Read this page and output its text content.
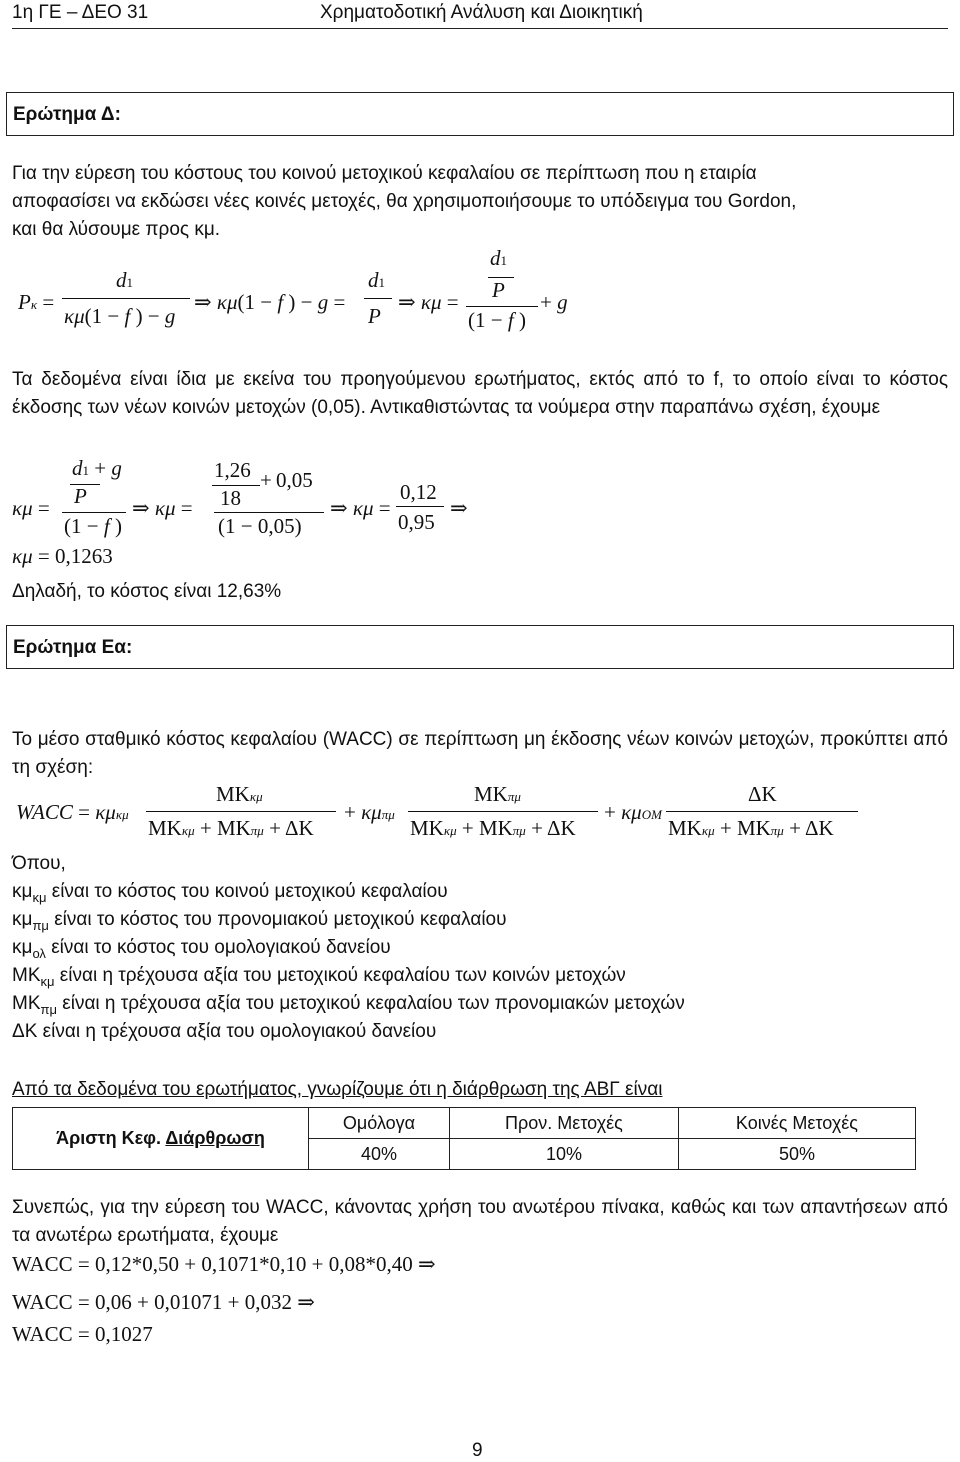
1η ΓΕ – ΔΕΟ 31	Χρηματοδοτική Ανάλυση και Διοικητική
Ερώτημα Δ:
Για την εύρεση του κόστους του κοινού μετοχικού κεφαλαίου σε περίπτωση που η εταιρία
αποφασίσει να εκδώσει νέες κοινές μετοχές, θα χρησιμοποιήσουμε το υπόδειγμα του Gordon,
και θα λύσουμε προς κμ.
Pκ =
d1
κμ(1 − f ) − g
⇒ κμ(1 − f ) − g =
d1
P
⇒ κμ =
d1
P
(1 − f )
+ g
Τα δεδομένα είναι ίδια με εκείνα του προηγούμενου ερωτήματος, εκτός από το f, το οποίο είναι το κόστος έκδοσης των νέων κοινών μετοχών (0,05). Αντικαθιστώντας τα νούμερα στην παραπάνω σχέση, έχουμε
κμ =
d1 + g
P
(1 − f )
⇒ κμ =
1,26 + 0,05
18
(1 − 0,05)
⇒ κμ =
0,12
0,95
⇒
κμ = 0,1263
Δηλαδή, το κόστος είναι 12,63%
Ερώτημα Εα:
Το μέσο σταθμικό κόστος κεφαλαίου (WACC) σε περίπτωση μη έκδοσης νέων κοινών μετοχών, προκύπτει από τη σχέση:
WACC = κμκμ
ΜΚκμ
ΜΚκμ + ΜΚπμ + ΔΚ
+ κμπμ
ΜΚπμ
ΜΚκμ + ΜΚπμ + ΔΚ
+ κμΟΜ
ΔΚ
ΜΚκμ + ΜΚπμ + ΔΚ
Όπου,
$\kappa\mu_{\kappa\mu}$ είναι το κόστος του κοινού μετοχικού κεφαλαίου
$\kappa\mu_{\pi\mu}$ είναι το κόστος του προνομιακού μετοχικού κεφαλαίου
$\kappa\mu_{o\lambda}$ είναι το κόστος του ομολογιακού δανείου
$MK_{\kappa\mu}$ είναι η τρέχουσα αξία του μετοχικού κεφαλαίου των κοινών μετοχών
$MK_{\pi\mu}$ είναι η τρέχουσα αξία του μετοχικού κεφαλαίου των προνομιακών μετοχών
ΔΚ είναι η τρέχουσα αξία του ομολογιακού δανείου
Από τα δεδομένα του ερωτήματος, γνωρίζουμε ότι η διάρθρωση της ΑΒΓ είναι
Άριστη Κεφ. Διάρθρωση	Ομόλογα	Προν. Μετοχές	Κοινές Μετοχές
	40%	10%	50%
Συνεπώς, για την εύρεση του WACC, κάνοντας χρήση του ανωτέρου πίνακα, καθώς και των απαντήσεων από τα ανωτέρω ερωτήματα, έχουμε
WACC = 0,12*0,50 + 0,1071*0,10 + 0,08*0,40 ⇒
WACC = 0,06 + 0,01071 + 0,032 ⇒
WACC = 0,1027
9
